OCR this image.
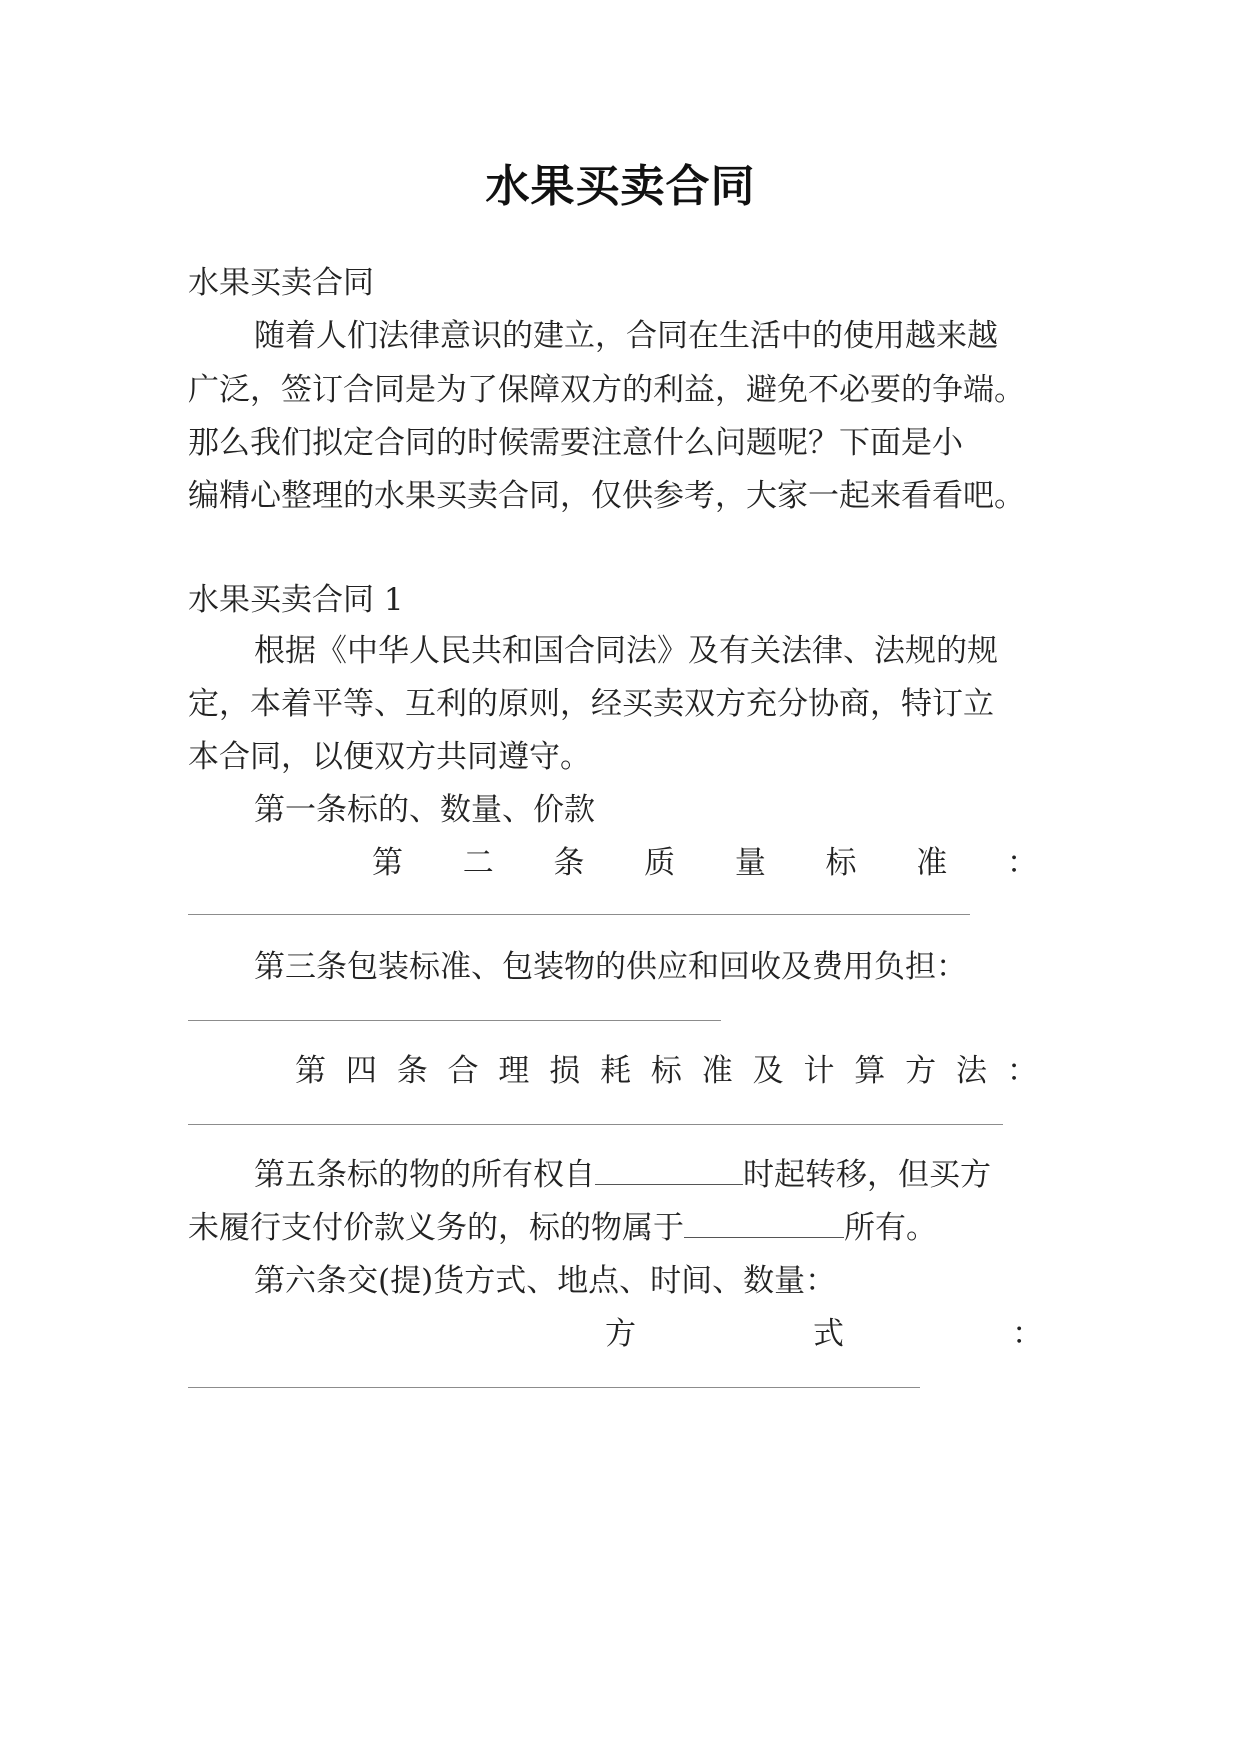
水果买卖合同
水果买卖合同
随着人们法律意识的建立，合同在生活中的使用越来越
广泛，签订合同是为了保障双方的利益，避免不必要的争端。
那么我们拟定合同的时候需要注意什么问题呢？下面是小
编精心整理的水果买卖合同，仅供参考，大家一起来看看吧。
水果买卖合同 1
根据《中华人民共和国合同法》及有关法律、法规的规
定，本着平等、互利的原则，经买卖双方充分协商，特订立
本合同，以便双方共同遵守。
第一条标的、数量、价款
第 二 条 质 量 标 准 ：
第三条包装标准、包装物的供应和回收及费用负担：
第 四 条 合 理 损 耗 标 准 及 计 算 方 法 ：
第五条标的物的所有权自	时起转移，但买方
未履行支付价款义务的，标的物属于	所有。
第六条交(提)货方式、地点、时间、数量：
方	式	：
